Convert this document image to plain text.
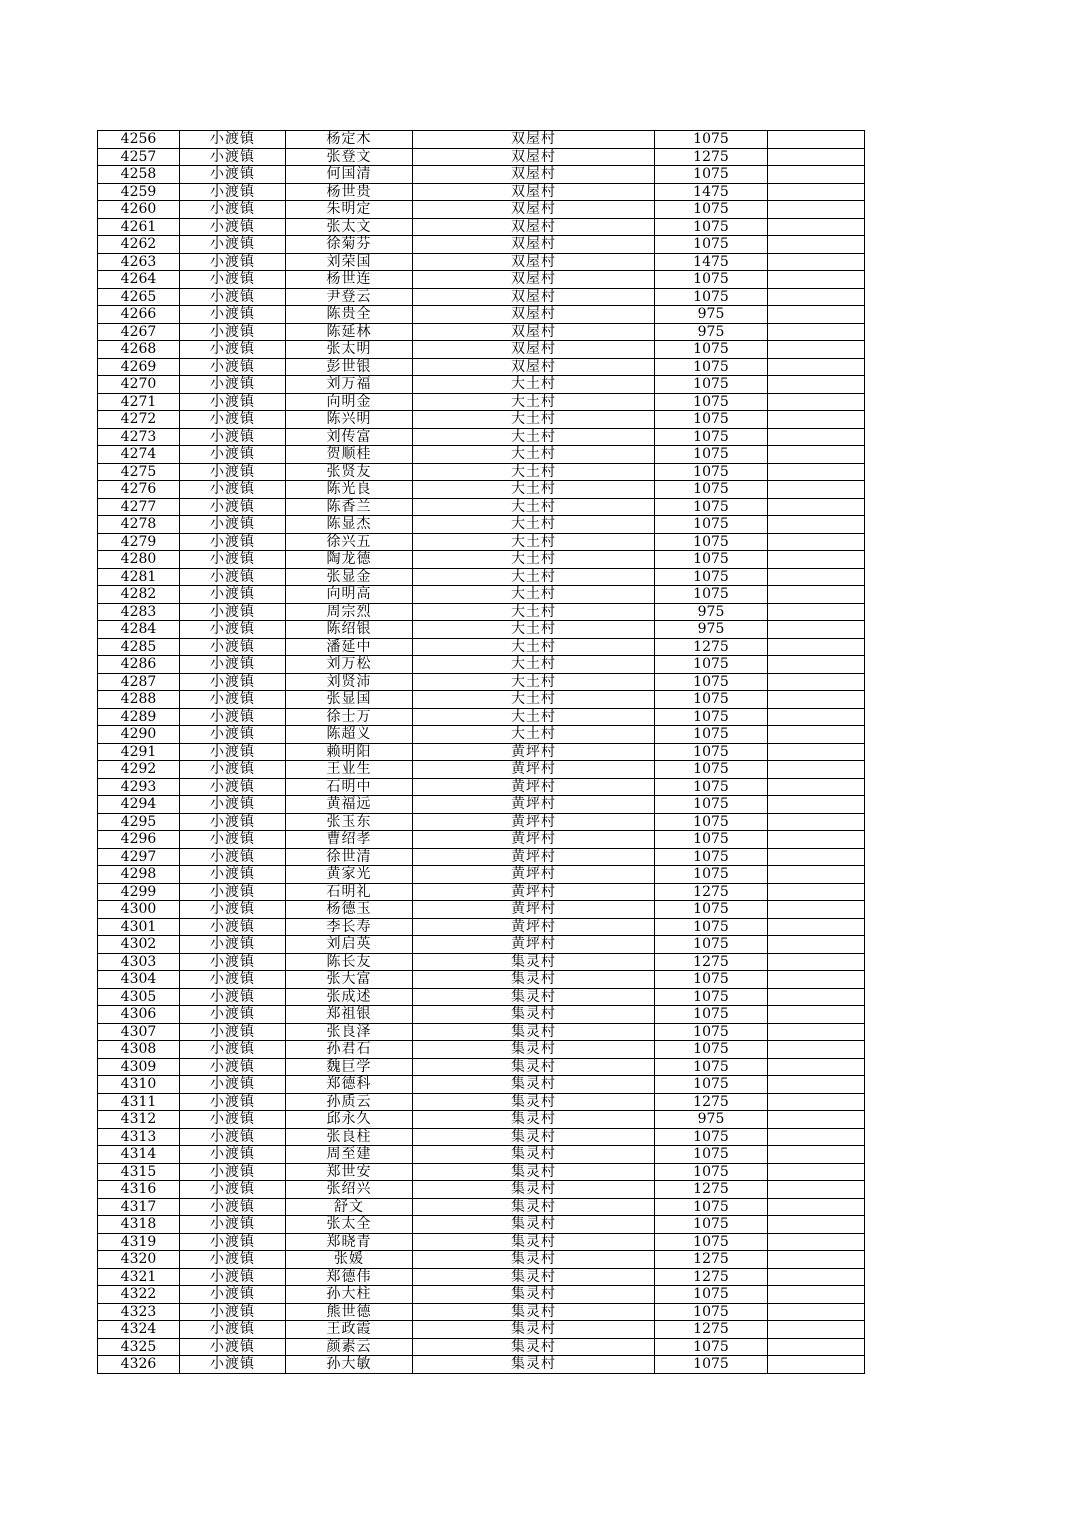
4256	小渡镇	杨定木	双屋村	1075	
4257	小渡镇	张登文	双屋村	1275	
4258	小渡镇	何国清	双屋村	1075	
4259	小渡镇	杨世贵	双屋村	1475	
4260	小渡镇	朱明定	双屋村	1075	
4261	小渡镇	张太文	双屋村	1075	
4262	小渡镇	徐菊芬	双屋村	1075	
4263	小渡镇	刘荣国	双屋村	1475	
4264	小渡镇	杨世连	双屋村	1075	
4265	小渡镇	尹登云	双屋村	1075	
4266	小渡镇	陈贵全	双屋村	975	
4267	小渡镇	陈延林	双屋村	975	
4268	小渡镇	张太明	双屋村	1075	
4269	小渡镇	彭世银	双屋村	1075	
4270	小渡镇	刘万福	大土村	1075	
4271	小渡镇	向明金	大土村	1075	
4272	小渡镇	陈兴明	大土村	1075	
4273	小渡镇	刘传富	大土村	1075	
4274	小渡镇	贺顺桂	大土村	1075	
4275	小渡镇	张贤友	大土村	1075	
4276	小渡镇	陈光良	大土村	1075	
4277	小渡镇	陈香兰	大土村	1075	
4278	小渡镇	陈显杰	大土村	1075	
4279	小渡镇	徐兴五	大土村	1075	
4280	小渡镇	陶龙德	大土村	1075	
4281	小渡镇	张显金	大土村	1075	
4282	小渡镇	向明高	大土村	1075	
4283	小渡镇	周宗烈	大土村	975	
4284	小渡镇	陈绍银	大土村	975	
4285	小渡镇	潘延中	大土村	1275	
4286	小渡镇	刘万松	大土村	1075	
4287	小渡镇	刘贤沛	大土村	1075	
4288	小渡镇	张显国	大土村	1075	
4289	小渡镇	徐士万	大土村	1075	
4290	小渡镇	陈超义	大土村	1075	
4291	小渡镇	赖明阳	黄坪村	1075	
4292	小渡镇	王业生	黄坪村	1075	
4293	小渡镇	石明中	黄坪村	1075	
4294	小渡镇	黄福远	黄坪村	1075	
4295	小渡镇	张玉东	黄坪村	1075	
4296	小渡镇	曹绍孝	黄坪村	1075	
4297	小渡镇	徐世清	黄坪村	1075	
4298	小渡镇	黄家光	黄坪村	1075	
4299	小渡镇	石明礼	黄坪村	1275	
4300	小渡镇	杨德玉	黄坪村	1075	
4301	小渡镇	李长寿	黄坪村	1075	
4302	小渡镇	刘启英	黄坪村	1075	
4303	小渡镇	陈长友	集灵村	1275	
4304	小渡镇	张大富	集灵村	1075	
4305	小渡镇	张成述	集灵村	1075	
4306	小渡镇	郑祖银	集灵村	1075	
4307	小渡镇	张良泽	集灵村	1075	
4308	小渡镇	孙君石	集灵村	1075	
4309	小渡镇	魏巨学	集灵村	1075	
4310	小渡镇	郑德科	集灵村	1075	
4311	小渡镇	孙质云	集灵村	1275	
4312	小渡镇	邱永久	集灵村	975	
4313	小渡镇	张良柱	集灵村	1075	
4314	小渡镇	周至建	集灵村	1075	
4315	小渡镇	郑世安	集灵村	1075	
4316	小渡镇	张绍兴	集灵村	1275	
4317	小渡镇	舒文	集灵村	1075	
4318	小渡镇	张太全	集灵村	1075	
4319	小渡镇	郑晓青	集灵村	1075	
4320	小渡镇	张媛	集灵村	1275	
4321	小渡镇	郑德伟	集灵村	1275	
4322	小渡镇	孙大柱	集灵村	1075	
4323	小渡镇	熊世德	集灵村	1075	
4324	小渡镇	王政霞	集灵村	1275	
4325	小渡镇	颜素云	集灵村	1075	
4326	小渡镇	孙大敏	集灵村	1075	
